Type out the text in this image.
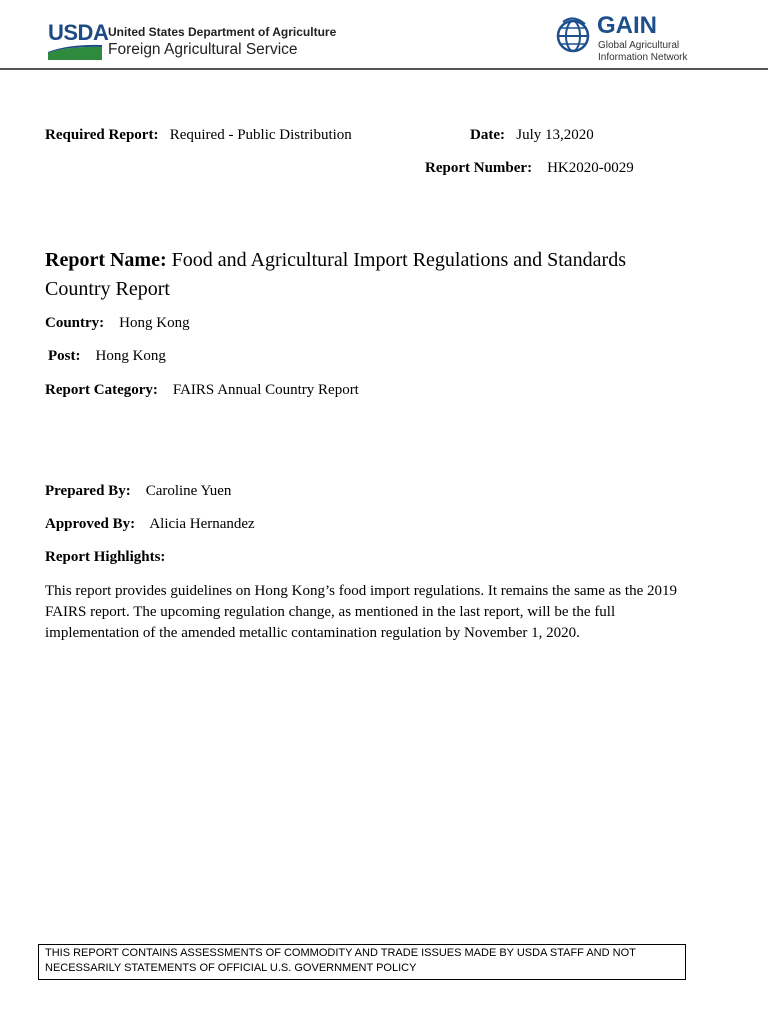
USDA United States Department of Agriculture
Foreign Agricultural Service
GAIN
Global Agricultural
Information Network
Required Report: Required - Public Distribution	Date: July 13,2020
Report Number: HK2020-0029
Report Name: Food and Agricultural Import Regulations and Standards Country Report
Country: Hong Kong
Post: Hong Kong
Report Category: FAIRS Annual Country Report
Prepared By: Caroline Yuen
Approved By: Alicia Hernandez
Report Highlights:
This report provides guidelines on Hong Kong’s food import regulations. It remains the same as the 2019 FAIRS report. The upcoming regulation change, as mentioned in the last report, will be the full implementation of the amended metallic contamination regulation by November 1, 2020.
THIS REPORT CONTAINS ASSESSMENTS OF COMMODITY AND TRADE ISSUES MADE BY USDA STAFF AND NOT NECESSARILY STATEMENTS OF OFFICIAL U.S. GOVERNMENT POLICY
